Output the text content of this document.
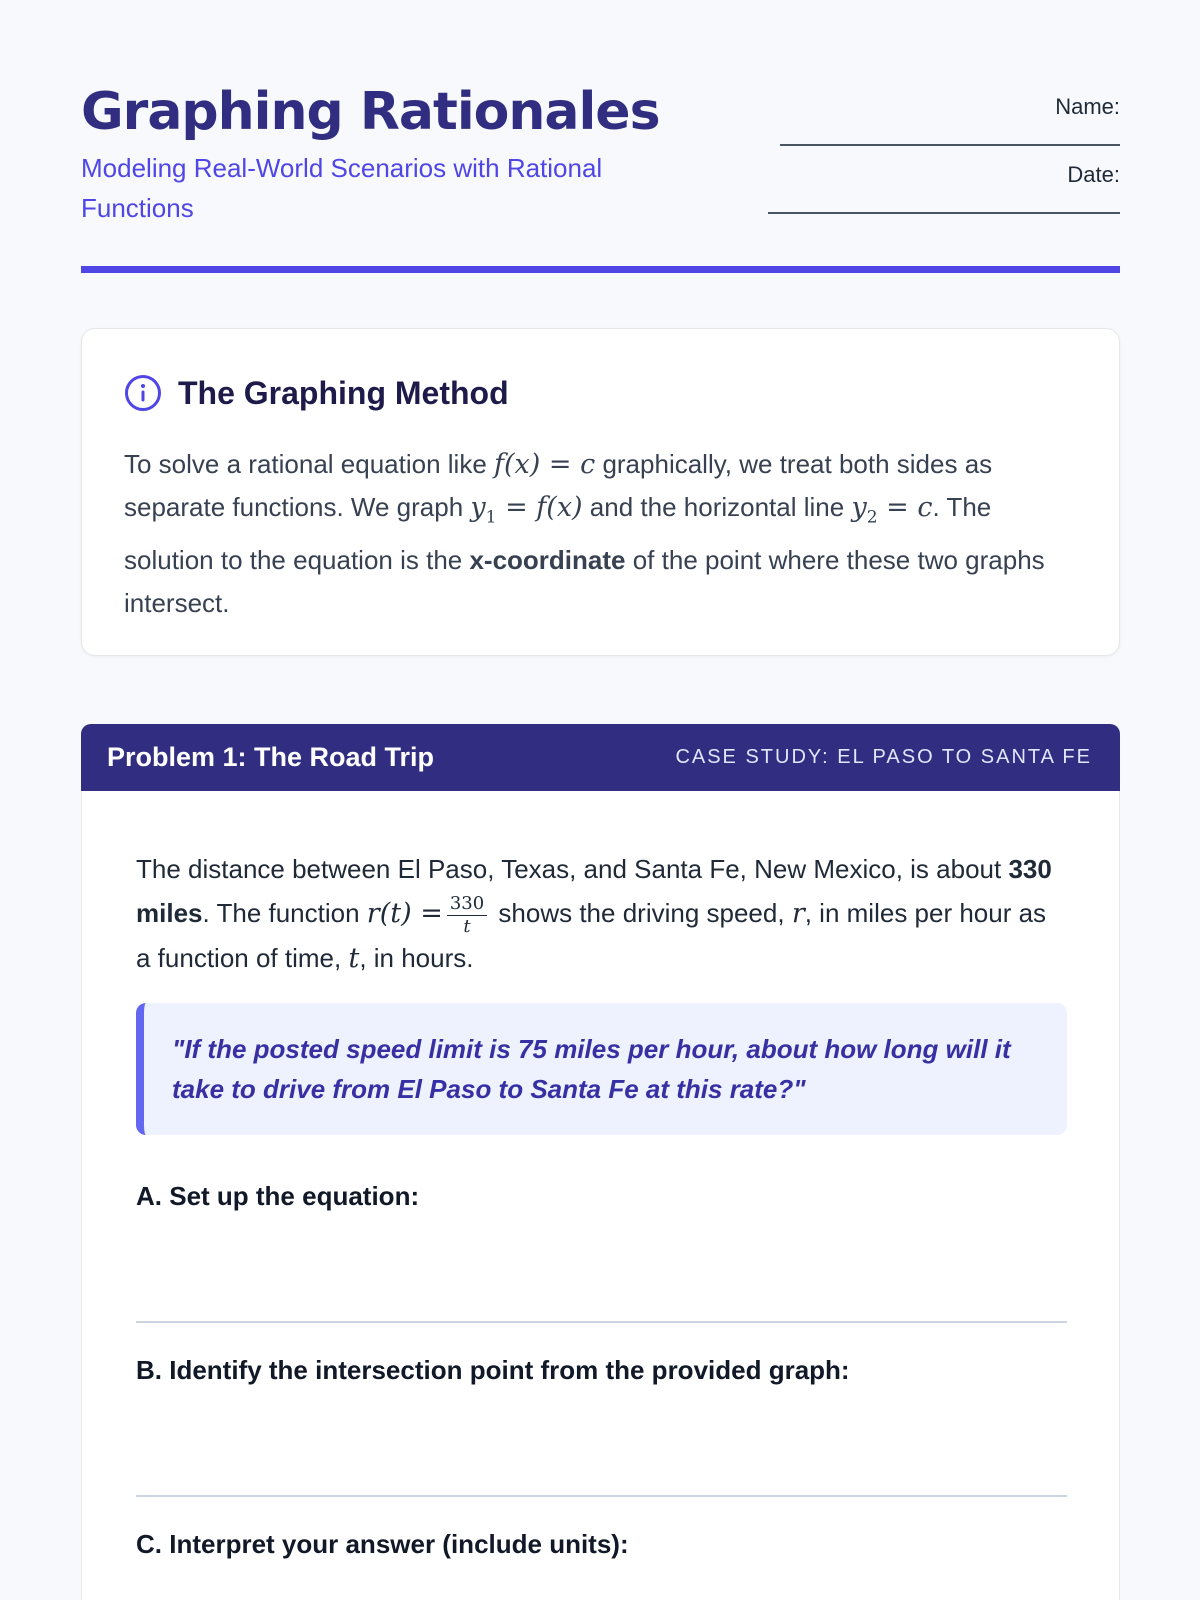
Graphing Rationales
Modeling Real-World Scenarios with Rational Functions
Name:
Date:
The Graphing Method
To solve a rational equation like f(x) = c graphically, we treat both sides as separate functions. We graph $y_1 = f(x)$ and the horizontal line $y_2 = c$. The solution to the equation is the x-coordinate of the point where these two graphs intersect.
Problem 1: The Road Trip	CASE STUDY: EL PASO TO SANTA FE
The distance between El Paso, Texas, and Santa Fe, New Mexico, is about 330 miles. The function $r(t) = \frac{330}{t}$ shows the driving speed, r, in miles per hour as a function of time, t, in hours.
"If the posted speed limit is 75 miles per hour, about how long will it take to drive from El Paso to Santa Fe at this rate?"
A. Set up the equation:
B. Identify the intersection point from the provided graph:
C. Interpret your answer (include units):
